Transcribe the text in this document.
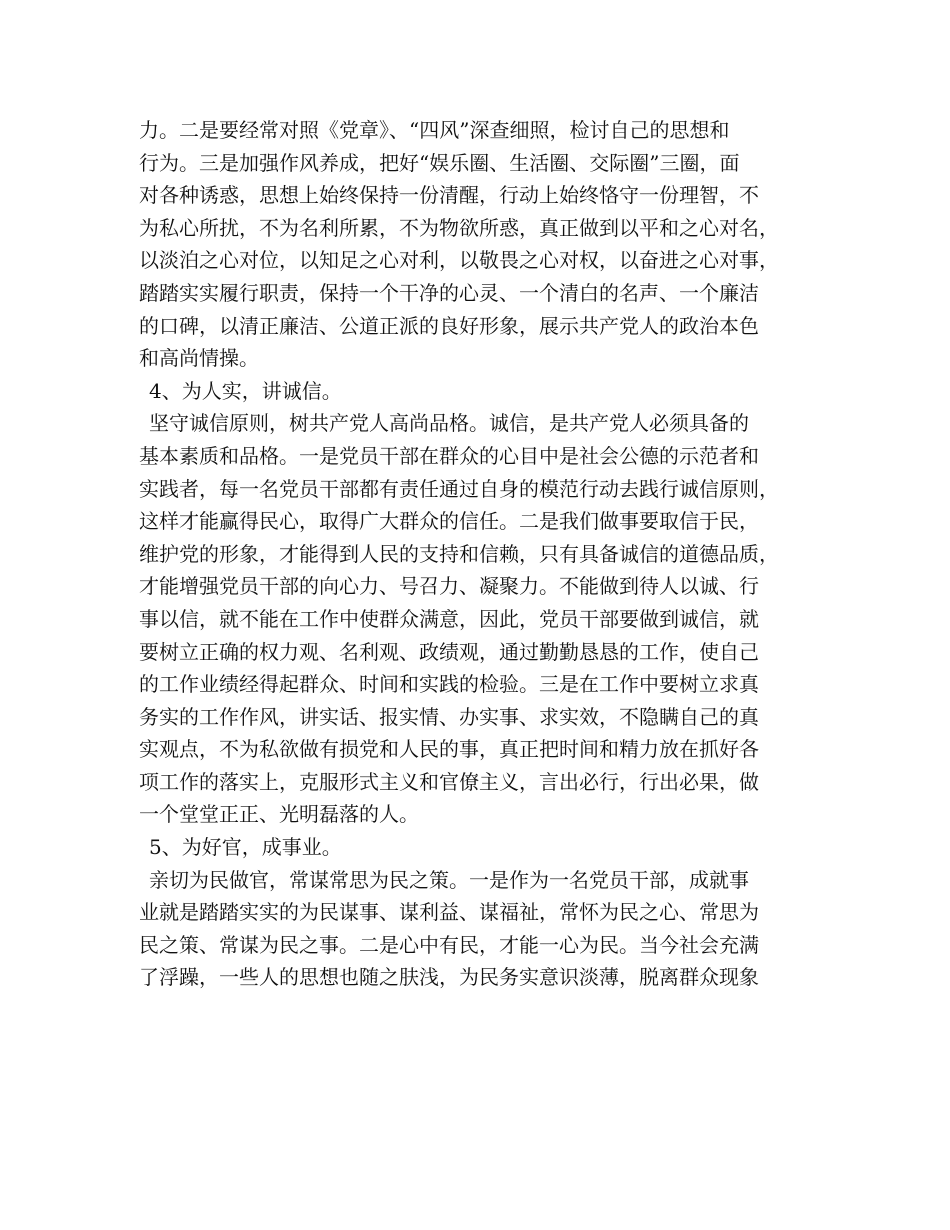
力。二是要经常对照《党章》、“四风”深查细照，检讨自己的思想和
行为。三是加强作风养成，把好“娱乐圈、生活圈、交际圈”三圈，面
对各种诱惑，思想上始终保持一份清醒，行动上始终恪守一份理智，不
为私心所扰，不为名利所累，不为物欲所惑，真正做到以平和之心对名，
以淡泊之心对位，以知足之心对利，以敬畏之心对权，以奋进之心对事，
踏踏实实履行职责，保持一个干净的心灵、一个清白的名声、一个廉洁
的口碑，以清正廉洁、公道正派的良好形象，展示共产党人的政治本色
和高尚情操。
4、为人实，讲诚信。
坚守诚信原则，树共产党人高尚品格。诚信，是共产党人必须具备的
基本素质和品格。一是党员干部在群众的心目中是社会公德的示范者和
实践者，每一名党员干部都有责任通过自身的模范行动去践行诚信原则，
这样才能赢得民心，取得广大群众的信任。二是我们做事要取信于民，
维护党的形象，才能得到人民的支持和信赖，只有具备诚信的道德品质，
才能增强党员干部的向心力、号召力、凝聚力。不能做到待人以诚、行
事以信，就不能在工作中使群众满意，因此，党员干部要做到诚信，就
要树立正确的权力观、名利观、政绩观，通过勤勤恳恳的工作，使自己
的工作业绩经得起群众、时间和实践的检验。三是在工作中要树立求真
务实的工作作风，讲实话、报实情、办实事、求实效，不隐瞒自己的真
实观点，不为私欲做有损党和人民的事，真正把时间和精力放在抓好各
项工作的落实上，克服形式主义和官僚主义，言出必行，行出必果，做
一个堂堂正正、光明磊落的人。
5、为好官，成事业。
亲切为民做官，常谋常思为民之策。一是作为一名党员干部，成就事
业就是踏踏实实的为民谋事、谋利益、谋福祉，常怀为民之心、常思为
民之策、常谋为民之事。二是心中有民，才能一心为民。当今社会充满
了浮躁，一些人的思想也随之肤浅，为民务实意识淡薄，脱离群众现象
